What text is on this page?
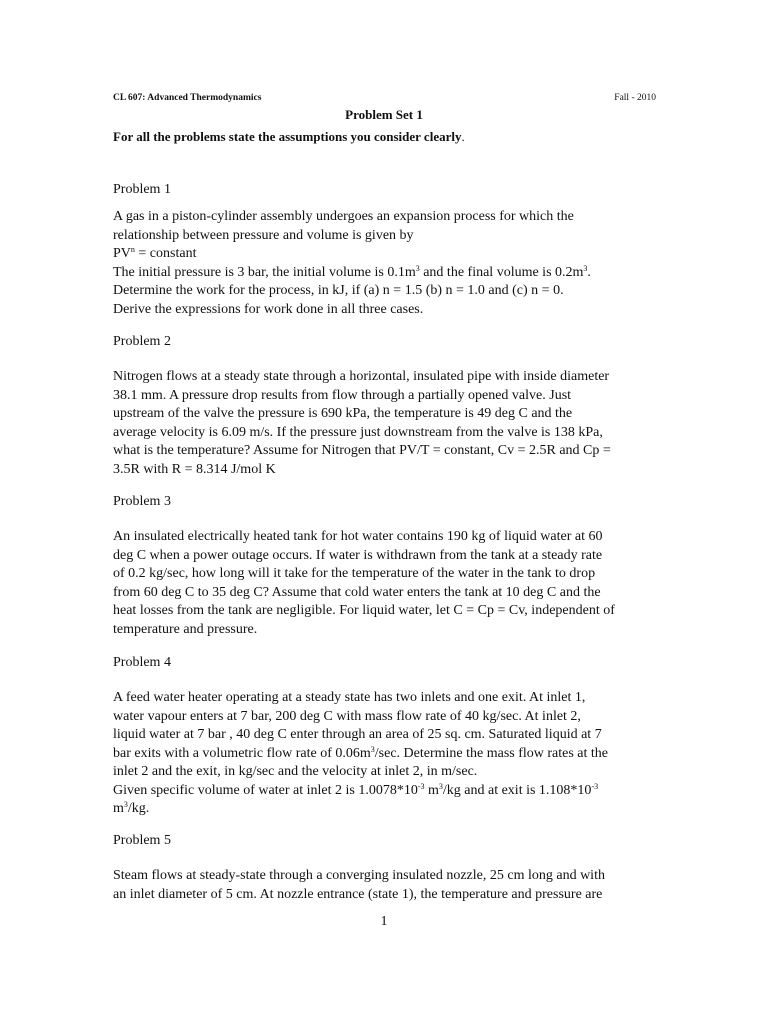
CL 607: Advanced Thermodynamics	Fall - 2010
Problem Set 1
For all the problems state the assumptions you consider clearly.
Problem 1
A gas in a piston-cylinder assembly undergoes an expansion process for which the
relationship between pressure and volume is given by
$PV^n$ = constant
The initial pressure is 3 bar, the initial volume is $0.1m^3$ and the final volume is $0.2m^3$.
Determine the work for the process, in kJ, if (a) n = 1.5 (b) n = 1.0 and (c) n = 0.
Derive the expressions for work done in all three cases.
Problem 2
Nitrogen flows at a steady state through a horizontal, insulated pipe with inside diameter
38.1 mm. A pressure drop results from flow through a partially opened valve. Just
upstream of the valve the pressure is 690 kPa, the temperature is 49 deg C and the
average velocity is 6.09 m/s. If the pressure just downstream from the valve is 138 kPa,
what is the temperature? Assume for Nitrogen that PV/T = constant, Cv = 2.5R and Cp =
3.5R with R = 8.314 J/mol K
Problem 3
An insulated electrically heated tank for hot water contains 190 kg of liquid water at 60
deg C when a power outage occurs. If water is withdrawn from the tank at a steady rate
of 0.2 kg/sec, how long will it take for the temperature of the water in the tank to drop
from 60 deg C to 35 deg C? Assume that cold water enters the tank at 10 deg C and the
heat losses from the tank are negligible. For liquid water, let C = Cp = Cv, independent of
temperature and pressure.
Problem 4
A feed water heater operating at a steady state has two inlets and one exit. At inlet 1,
water vapour enters at 7 bar, 200 deg C with mass flow rate of 40 kg/sec. At inlet 2,
liquid water at 7 bar , 40 deg C enter through an area of 25 sq. cm. Saturated liquid at 7
bar exits with a volumetric flow rate of $0.06m^3/\sec$. Determine the mass flow rates at the
inlet 2 and the exit, in kg/sec and the velocity at inlet 2, in m/sec.
Given specific volume of water at inlet 2 is $1.0078*10^{-3}$ $m^3/kg$ and at exit is $1.108*10^{-3}$
$m^3/kg$.
Problem 5
Steam flows at steady-state through a converging insulated nozzle, 25 cm long and with
an inlet diameter of 5 cm. At nozzle entrance (state 1), the temperature and pressure are
1
